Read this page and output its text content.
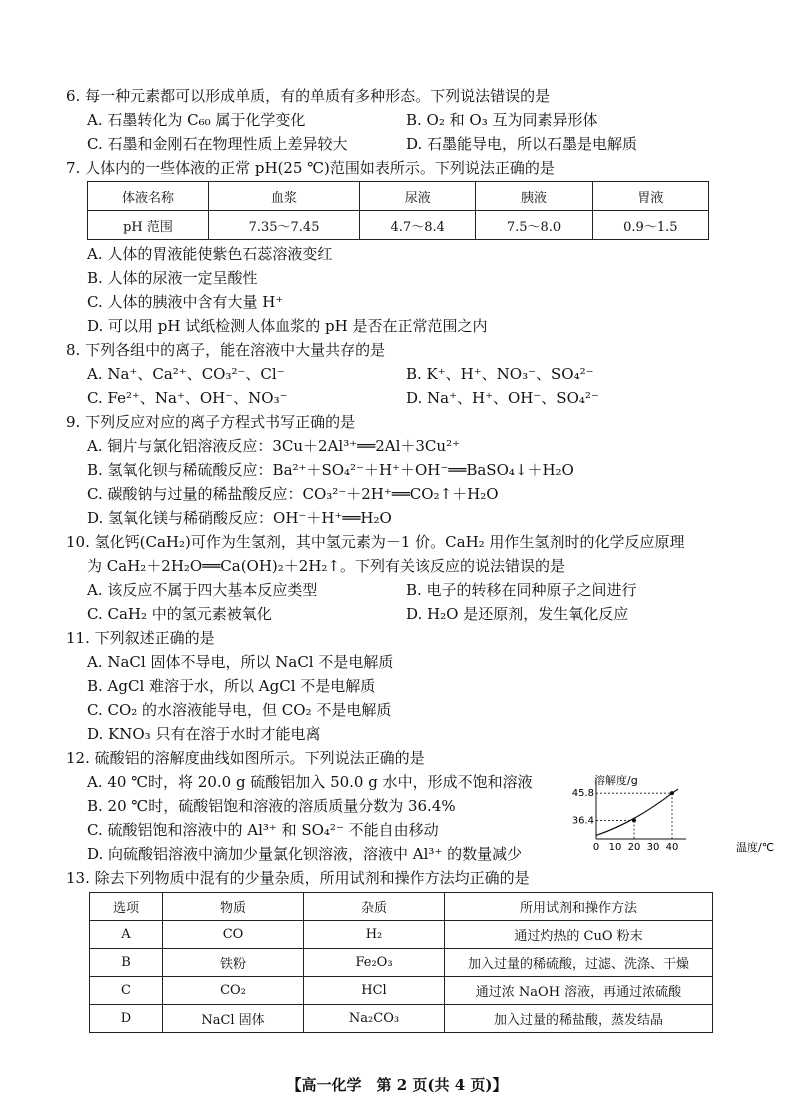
6. 每一种元素都可以形成单质，有的单质有多种形态。下列说法错误的是
A. 石墨转化为 C₆₀ 属于化学变化	B. O₂ 和 O₃ 互为同素异形体
C. 石墨和金刚石在物理性质上差异较大	D. 石墨能导电，所以石墨是电解质
7. 人体内的一些体液的正常 pH(25 ℃)范围如表所示。下列说法正确的是
体液名称	血浆	尿液	胰液	胃液
pH 范围	7.35～7.45	4.7～8.4	7.5～8.0	0.9～1.5
A. 人体的胃液能使紫色石蕊溶液变红
B. 人体的尿液一定呈酸性
C. 人体的胰液中含有大量 H⁺
D. 可以用 pH 试纸检测人体血浆的 pH 是否在正常范围之内
8. 下列各组中的离子，能在溶液中大量共存的是
A. Na⁺、Ca²⁺、CO₃²⁻、Cl⁻	B. K⁺、H⁺、NO₃⁻、SO₄²⁻
C. Fe²⁺、Na⁺、OH⁻、NO₃⁻	D. Na⁺、H⁺、OH⁻、SO₄²⁻
9. 下列反应对应的离子方程式书写正确的是
A. 铜片与氯化铝溶液反应：3Cu＋2Al³⁺══2Al＋3Cu²⁺
B. 氢氧化钡与稀硫酸反应：Ba²⁺＋SO₄²⁻＋H⁺＋OH⁻══BaSO₄↓＋H₂O
C. 碳酸钠与过量的稀盐酸反应：CO₃²⁻＋2H⁺══CO₂↑＋H₂O
D. 氢氧化镁与稀硝酸反应：OH⁻＋H⁺══H₂O
10. 氢化钙(CaH₂)可作为生氢剂，其中氢元素为－1 价。CaH₂ 用作生氢剂时的化学反应原理
为 CaH₂＋2H₂O══Ca(OH)₂＋2H₂↑。下列有关该反应的说法错误的是
A. 该反应不属于四大基本反应类型	B. 电子的转移在同种原子之间进行
C. CaH₂ 中的氢元素被氧化	D. H₂O 是还原剂，发生氧化反应
11. 下列叙述正确的是
A. NaCl 固体不导电，所以 NaCl 不是电解质
B. AgCl 难溶于水，所以 AgCl 不是电解质
C. CO₂ 的水溶液能导电，但 CO₂ 不是电解质
D. KNO₃ 只有在溶于水时才能电离
12. 硫酸铝的溶解度曲线如图所示。下列说法正确的是
A. 40 ℃时，将 20.0 g 硫酸铝加入 50.0 g 水中，形成不饱和溶液
B. 20 ℃时，硫酸铝饱和溶液的溶质质量分数为 36.4%
C. 硫酸铝饱和溶液中的 Al³⁺ 和 SO₄²⁻ 不能自由移动
D. 向硫酸铝溶液中滴加少量氯化钡溶液，溶液中 Al³⁺ 的数量减少
溶解度/g
温度/℃
0 10 20 30 40
36.4
45.8
13. 除去下列物质中混有的少量杂质，所用试剂和操作方法均正确的是
选项	物质	杂质	所用试剂和操作方法
A	CO	H₂	通过灼热的 CuO 粉末
B	铁粉	Fe₂O₃	加入过量的稀硫酸，过滤、洗涤、干燥
C	CO₂	HCl	通过浓 NaOH 溶液，再通过浓硫酸
D	NaCl 固体	Na₂CO₃	加入过量的稀盐酸，蒸发结晶
【高一化学　第 2 页(共 4 页)】
